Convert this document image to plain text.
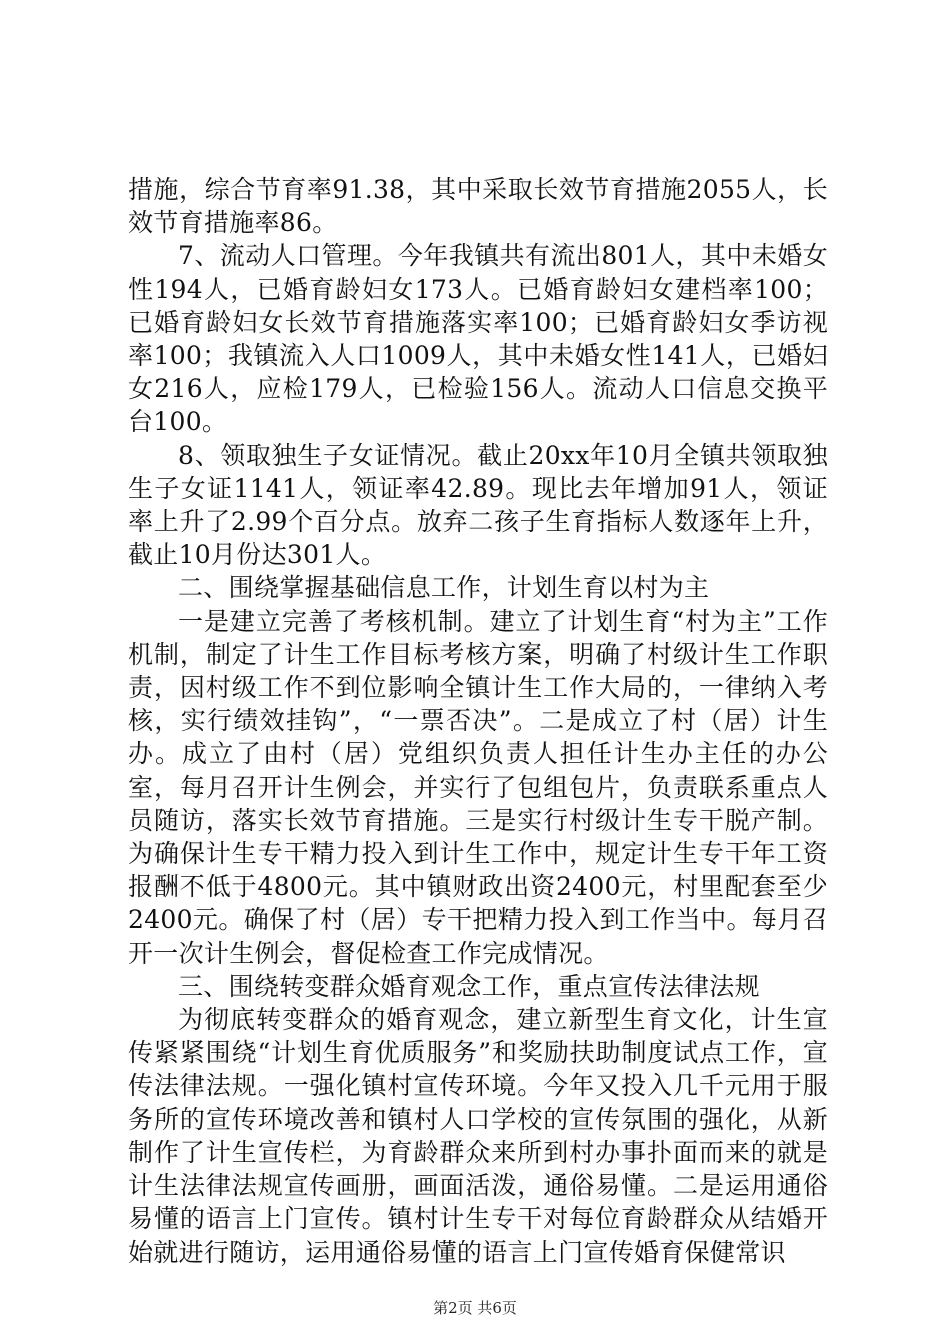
措施，综合节育率91.38，其中采取长效节育措施2055人，长效节育措施率86。

7、流动人口管理。今年我镇共有流出801人，其中未婚女性194人，已婚育龄妇女173人。已婚育龄妇女建档率100；已婚育龄妇女长效节育措施落实率100；已婚育龄妇女季访视率100；我镇流入人口1009人，其中未婚女性141人，已婚妇女216人，应检179人，已检验156人。流动人口信息交换平台100。

8、领取独生子女证情况。截止20xx年10月全镇共领取独生子女证1141人，领证率42.89。现比去年增加91人，领证率上升了2.99个百分点。放弃二孩子生育指标人数逐年上升，截止10月份达301人。

二、围绕掌握基础信息工作，计划生育以村为主

一是建立完善了考核机制。建立了计划生育“村为主”工作机制，制定了计生工作目标考核方案，明确了村级计生工作职责，因村级工作不到位影响全镇计生工作大局的，一律纳入考核，实行绩效挂钩”，“一票否决”。二是成立了村（居）计生办。成立了由村（居）党组织负责人担任计生办主任的办公室，每月召开计生例会，并实行了包组包片，负责联系重点人员随访，落实长效节育措施。三是实行村级计生专干脱产制。为确保计生专干精力投入到计生工作中，规定计生专干年工资报酬不低于4800元。其中镇财政出资2400元，村里配套至少2400元。确保了村（居）专干把精力投入到工作当中。每月召开一次计生例会，督促检查工作完成情况。

三、围绕转变群众婚育观念工作，重点宣传法律法规

为彻底转变群众的婚育观念，建立新型生育文化，计生宣传紧紧围绕“计划生育优质服务”和奖励扶助制度试点工作，宣传法律法规。一强化镇村宣传环境。今年又投入几千元用于服务所的宣传环境改善和镇村人口学校的宣传氛围的强化，从新制作了计生宣传栏，为育龄群众来所到村办事扑面而来的就是计生法律法规宣传画册，画面活泼，通俗易懂。二是运用通俗易懂的语言上门宣传。镇村计生专干对每位育龄群众从结婚开始就进行随访，运用通俗易懂的语言上门宣传婚育保健常识

第2页 共6页
